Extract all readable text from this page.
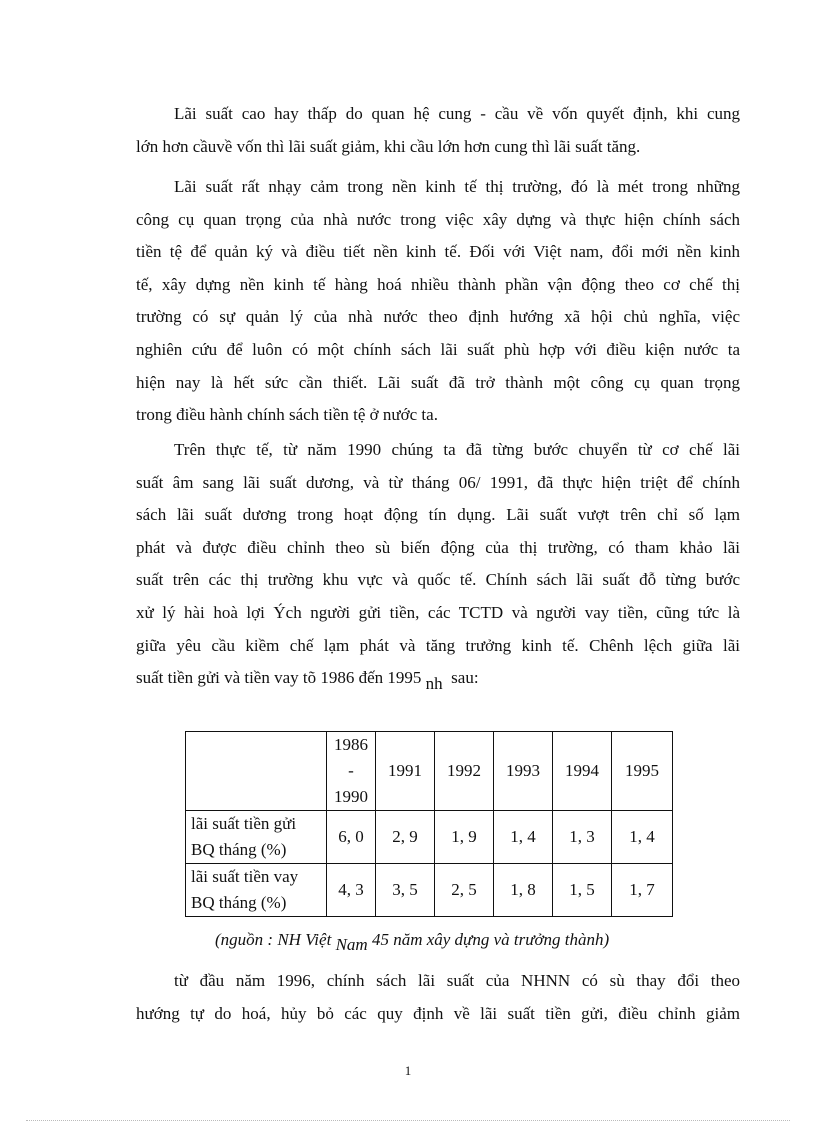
Lãi suất cao hay thấp do quan hệ cung - cầu về vốn quyết định, khi cung
lớn hơn cầuvề vốn thì lãi suất giảm, khi cầu lớn hơn cung thì lãi suất tăng.
Lãi suất rất nhạy cảm trong nền kinh tế thị trường, đó là mét trong những
công cụ quan trọng của nhà nước trong việc xây dựng và thực hiện chính sách
tiền tệ để quản ký và điều tiết nền kinh tế. Đối với Việt nam, đổi mới nền kinh
tế, xây dựng nền kinh tế hàng hoá nhiều thành phần vận động theo cơ chế thị
trường có sự quản lý của nhà nước theo định hướng xã hội chủ nghĩa, việc
nghiên cứu để luôn có một chính sách lãi suất phù hợp với điều kiện nước ta
hiện nay là hết sức cần thiết. Lãi suất đã trở thành một công cụ quan trọng
trong điều hành chính sách tiền tệ ở nước ta.
Trên thực tế, từ năm 1990 chúng ta đã từng bước chuyển từ cơ chế lãi
suất âm sang lãi suất dương, và từ tháng 06/ 1991, đã thực hiện triệt để chính
sách lãi suất dương trong hoạt động tín dụng. Lãi suất vượt trên chỉ số lạm
phát và được điều chỉnh theo sù biến động của thị trường, có tham khảo lãi
suất trên các thị trường khu vực và quốc tế. Chính sách lãi suất đỗ từng bước
xử lý hài hoà lợi Ých người gửi tiền, các TCTD và người vay tiền, cũng tức là
giữa yêu cầu kiềm chế lạm phát và tăng trưởng kinh tế. Chênh lệch giữa lãi
suất tiền gửi và tiền vay tõ 1986 đến 1995 nh sau:

	1986
-
1990	1991	1992	1993	1994	1995

lãi suất tiền gửi
BQ tháng (%)	6, 0	2, 9	1, 9	1, 4	1, 3	1, 4

lãi suất tiền vay
BQ tháng (%)	4, 3	3, 5	2, 5	1, 8	1, 5	1, 7
(nguồn : NH Việt Nam 45 năm xây dựng và trưởng thành)
từ đầu năm 1996, chính sách lãi suất của NHNN có sù thay đổi theo
hướng tự do hoá, hủy bỏ các quy định về lãi suất tiền gửi, điều chỉnh giảm
1
